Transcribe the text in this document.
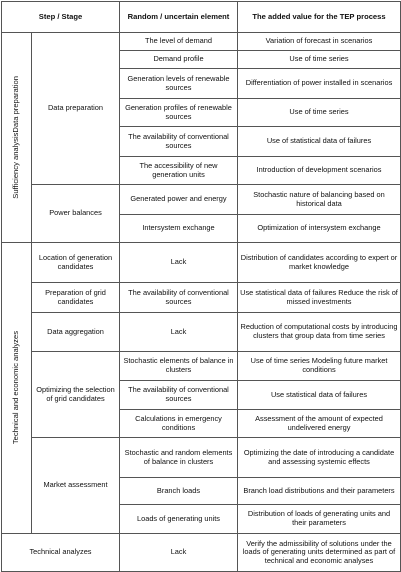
Step / Stage		Random / uncertain element	The added value for the TEP process

Sufficiency analysisData preparation	Data preparation	The level of demand	Variation of forecast in scenarios
		Demand profile	Use of time series
		Generation levels of renewable sources	Differentiation of power installed in scenarios
		Generation profiles of renewable sources	Use of time series
		The availability of conventional sources	Use of statistical data of failures
		The accessibility of new generation units	Introduction of development scenarios
	Power balances	Generated power and energy	Stochastic nature of balancing based on historical data
		Intersystem exchange	Optimization of intersystem exchange

Technical and economic analyzes	Location of generation candidates	Lack	Distribution of candidates according to expert or market knowledge
	Preparation of grid candidates	The availability of conventional sources	Use statistical data of failures Reduce the risk of missed investments
	Data aggregation	Lack	Reduction of computational costs by introducing clusters that group data from time series
	Optimizing the selection of grid candidates	Stochastic elements of balance in clusters	Use of time series Modeling future market conditions
		The availability of conventional sources	Use statistical data of failures
		Calculations in emergency conditions	Assessment of the amount of expected undelivered energy
	Market assessment	Stochastic and random elements of balance in clusters	Optimizing the date of introducing a candidate and assessing systemic effects
		Branch loads	Branch load distributions and their parameters
		Loads of generating units	Distribution of loads of generating units and their parameters
Technical analyzes		Lack	Verify the admissibility of solutions under the loads of generating units determined as part of technical and economic analyses
